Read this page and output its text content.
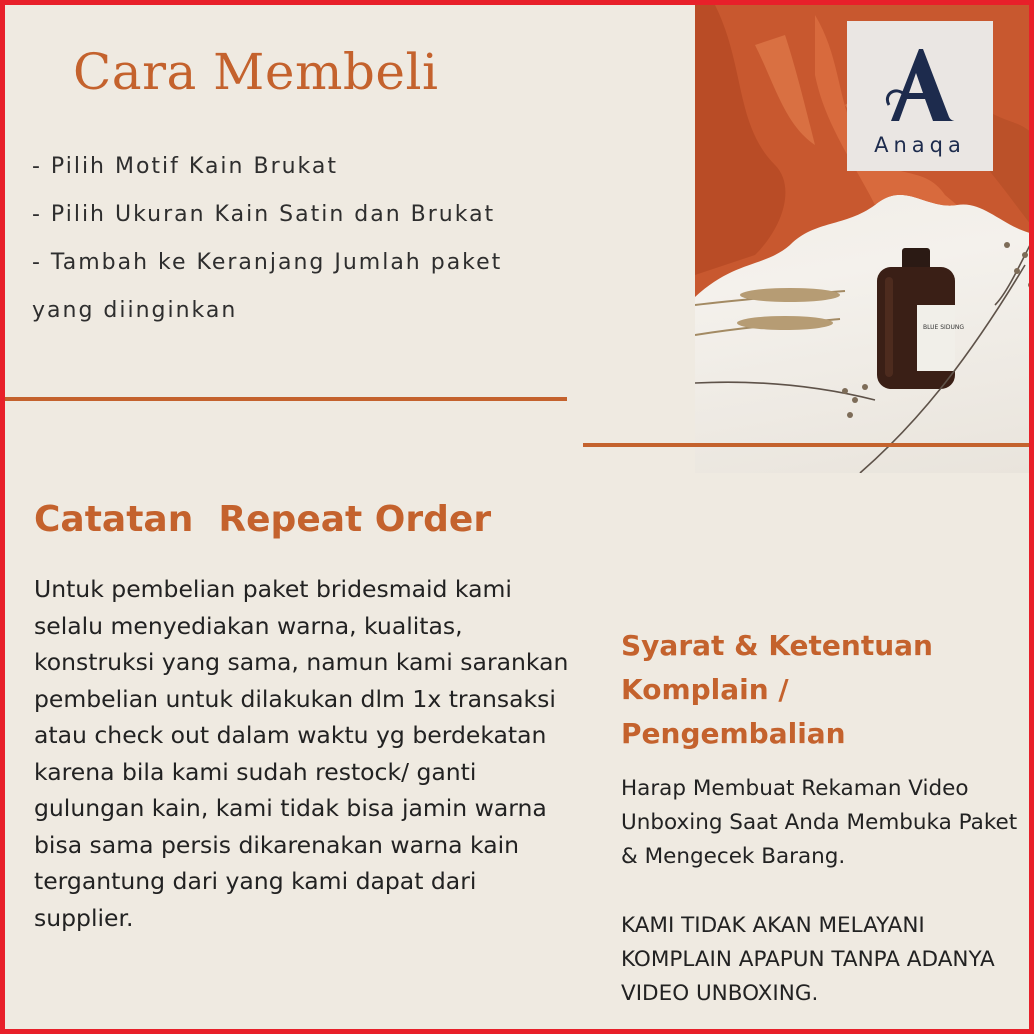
Cara Membeli
- Pilih Motif Kain Brukat
- Pilih Ukuran Kain Satin dan Brukat
- Tambah ke Keranjang Jumlah paket
yang diinginkan
BLUE SIDUNG
Anaqa
Catatan  Repeat Order

Untuk pembelian paket bridesmaid kami selalu menyediakan warna, kualitas, konstruksi yang sama, namun kami sarankan pembelian untuk dilakukan dlm 1x transaksi atau check out dalam waktu yg berdekatan karena bila kami sudah restock/ ganti gulungan kain, kami tidak bisa jamin warna bisa sama persis dikarenakan warna kain tergantung dari yang kami dapat dari supplier.

Syarat & Ketentuan Komplain / Pengembalian

Harap Membuat Rekaman Video Unboxing Saat Anda Membuka Paket & Mengecek Barang.

KAMI TIDAK AKAN MELAYANI KOMPLAIN APAPUN TANPA ADANYA VIDEO UNBOXING.
